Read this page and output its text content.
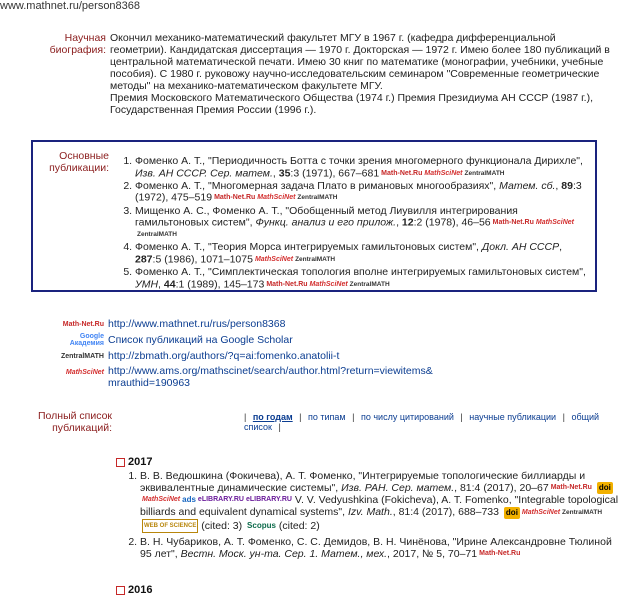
www.mathnet.ru/person8368
Научная биография:
Окончил механико-математический факультет МГУ в 1967 г. (кафедра дифференциальной геометрии). Кандидатская диссертация — 1970 г. Докторская — 1972 г. Имею более 180 публикаций в центральной математической печати. Имею 30 книг по математике (монографии, учебники, учебные пособия). С 1980 г. руковожу научно-исследовательским семинаром "Современные геометрические методы" на механико-математическом факультете МГУ.
Премия Московского Математического Общества (1974 г.) Премия Президиума АН СССР (1987 г.), Государственная Премия России (1996 г.).
Основные публикации:
1. Фоменко А. Т., "Периодичность Ботта с точки зрения многомерного функционала Дирихле", Изв. АН СССР. Сер. матем., 35:3 (1971), 667–681 Math-Net.Ru MathSciNet ZentralMATH
2. Фоменко А. Т., "Многомерная задача Плато в римановых многообразиях", Матем. сб., 89:3 (1972), 475–519 Math-Net.Ru MathSciNet ZentralMATH
3. Мищенко А. С., Фоменко А. Т., "Обобщенный метод Лиувилля интегрирования гамильтоновых систем", Функц. анализ и его прилож., 12:2 (1978), 46–56 Math-Net.Ru MathSciNetZentralMATH
4. Фоменко А. Т., "Теория Морса интегрируемых гамильтоновых систем", Докл. АН СССР, 287:5 (1986), 1071–1075 MathSciNet ZentralMATH
5. Фоменко А. Т., "Симплектическая топология вполне интегрируемых гамильтоновых систем", УМН, 44:1 (1989), 145–173 Math-Net.Ru MathSciNet ZentralMATH
Math-Net.Ru http://www.mathnet.ru/rus/person8368
Google Академия Список публикаций на Google Scholar
ZentralMATH http://zbmath.org/authors/?q=ai:fomenko.anatolii-t
MathSciNet http://www.ams.org/mathscinet/search/author.html?return=viewitems&
mrauthid=190963
Полный список публикаций:
| по годам | по типам | по числу цитирований | научные публикации | общий список |
2017
1. В. В. Ведюшкина (Фокичева), А. Т. Фоменко, "Интегрируемые топологические биллиарды и эквивалентные динамические системы", Изв. РАН. Сер. матем., 81:4 (2017), 20–67 Math-Net.Ru doiMathSciNet ads eLIBRARY.RU eLIBRARY.RU V. V. Vedyushkina (Fokicheva), A. T. Fomenko, "Integrable topological billiards and equivalent dynamical systems", Izv. Math., 81:4 (2017), 688–733 doi MathSciNet ZentralMATHWEB OF SCIENCE (cited: 3) Scopus (cited: 2)
2. В. Н. Чубариков, А. Т. Фоменко, С. С. Демидов, В. Н. Чинёнова, "Ирине Александровне Тюлиной 95 лет", Вестн. Моск. ун-та. Сер. 1. Матем., мех., 2017, № 5, 70–71 Math-Net.Ru
2016
